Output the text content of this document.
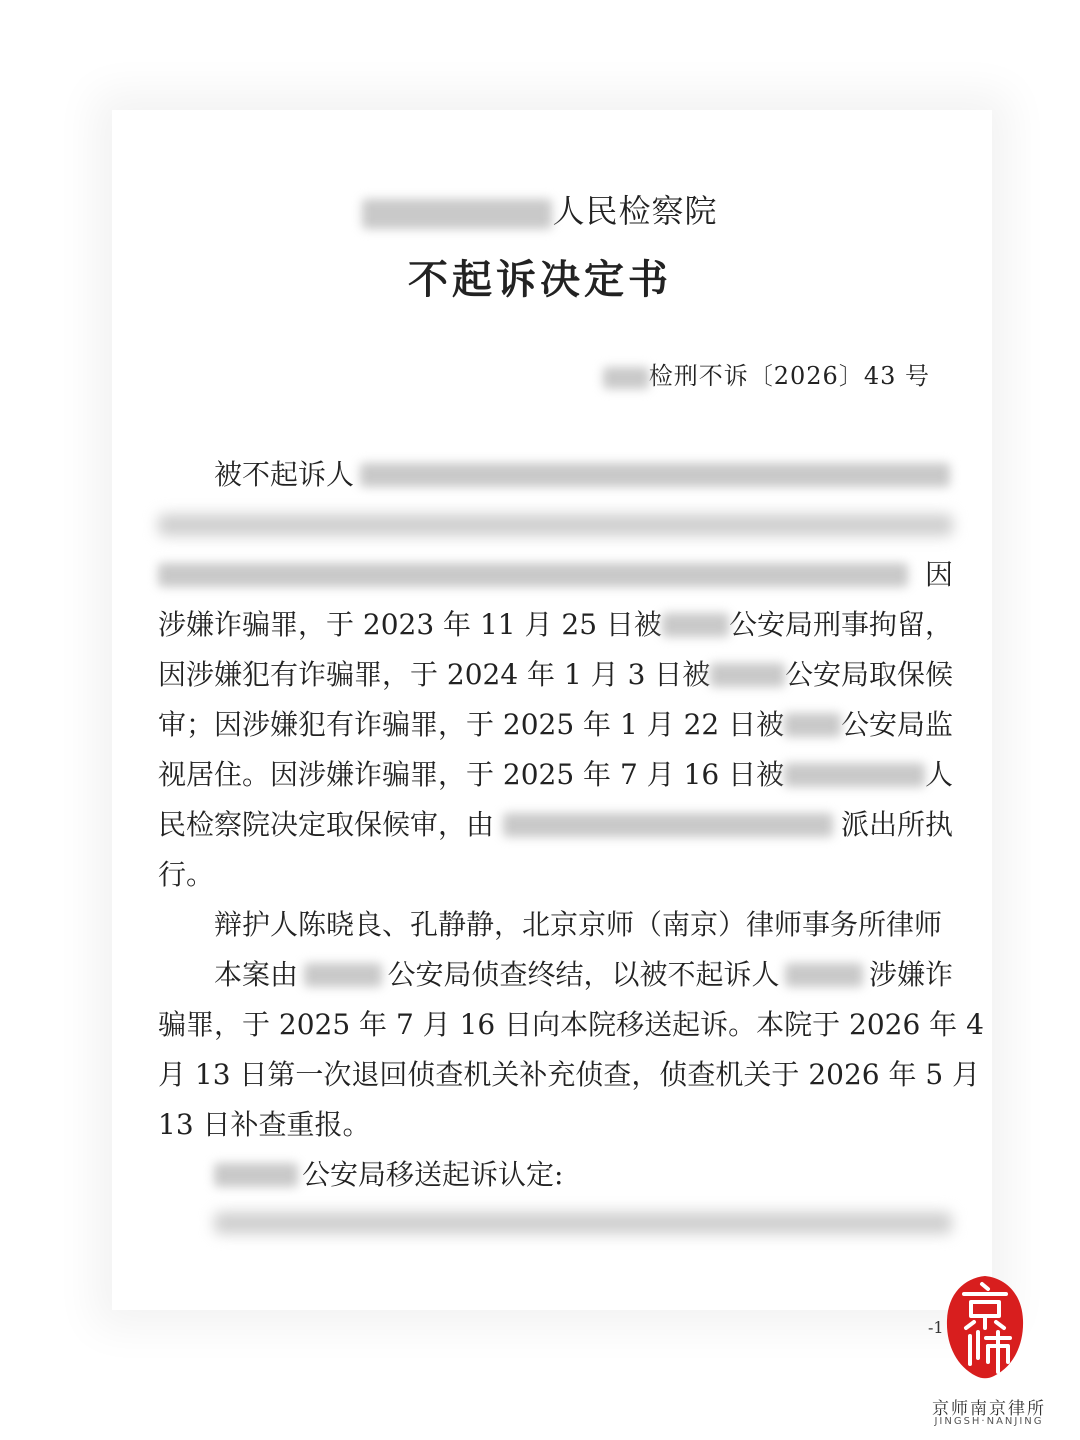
人民检察院
不起诉决定书
检刑不诉〔2026〕43 号
被不起诉人
因
涉嫌诈骗罪，于 2023 年 11 月 25 日被 公安局刑事拘留，
因涉嫌犯有诈骗罪，于 2024 年 1 月 3 日被	公安局取保候
审；因涉嫌犯有诈骗罪，于 2025 年 1 月 22 日被 公安局监
视居住。因涉嫌诈骗罪，于 2025 年 7 月 16 日被	人
民检察院决定取保候审，由	派出所执
行。
辩护人陈晓良、孔静静，北京京师（南京）律师事务所律师
本案由	公安局侦查终结，以被不起诉人	涉嫌诈
骗罪，于 2025 年 7 月 16 日向本院移送起诉。本院于 2026 年 4
月 13 日第一次退回侦查机关补充侦查，侦查机关于 2026 年 5 月
13 日补查重报。
公安局移送起诉认定:
-1
京师南京律所
JINGSH·NANJING
